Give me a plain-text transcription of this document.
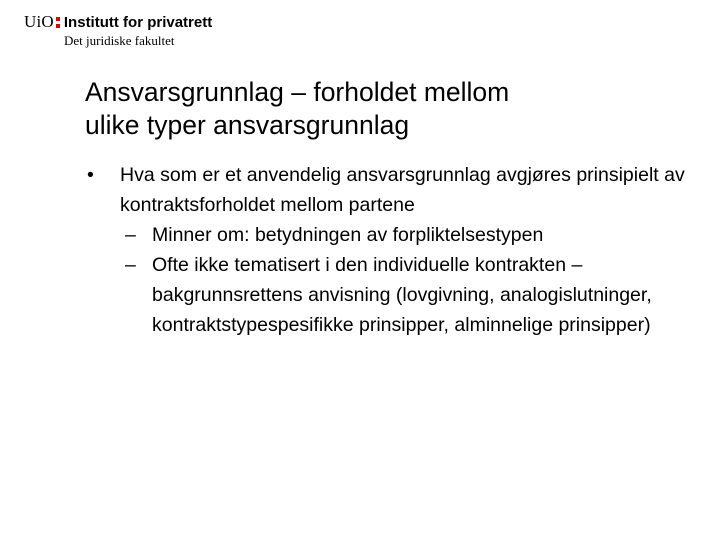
UiO Institutt for privatrett
Det juridiske fakultet
Ansvarsgrunnlag – forholdet mellom
ulike typer ansvarsgrunnlag
• Hva som er et anvendelig ansvarsgrunnlag avgjøres prinsipielt av kontraktsforholdet mellom partene
– Minner om: betydningen av forpliktelsestypen
– Ofte ikke tematisert i den individuelle kontrakten – bakgrunnsrettens anvisning (lovgivning, analogislutninger, kontraktstypespesifikke prinsipper, alminnelige prinsipper)
